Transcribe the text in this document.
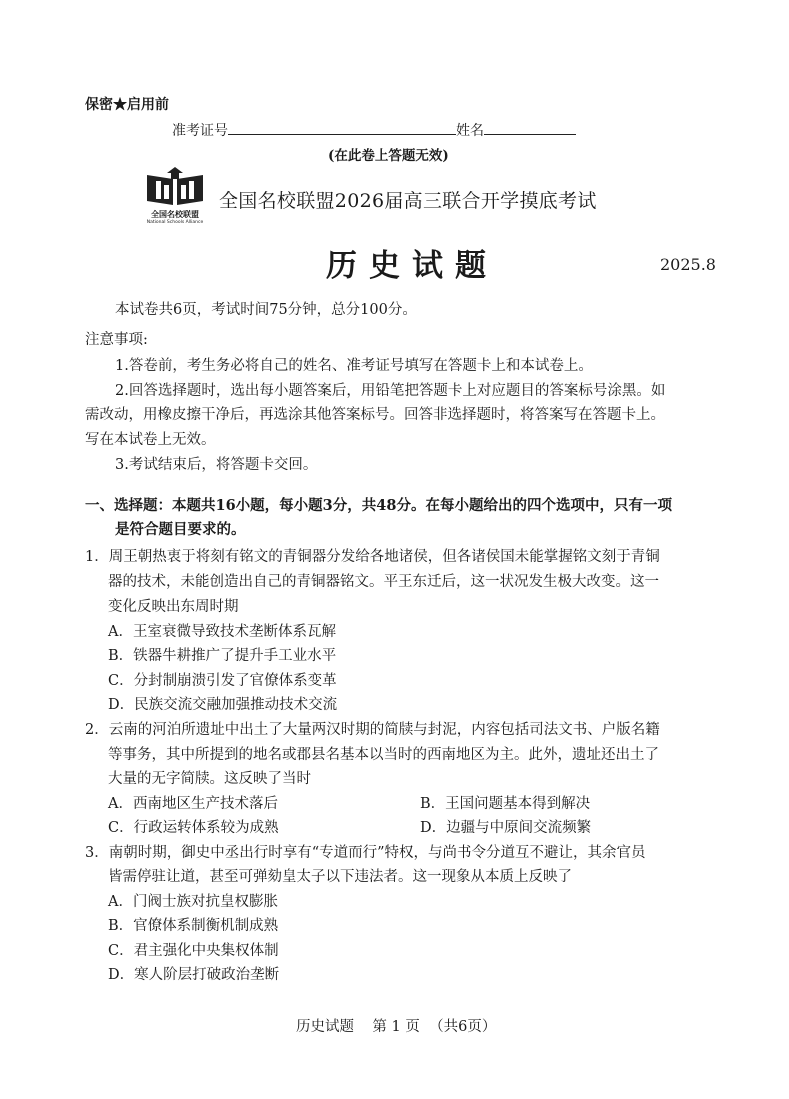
保密★启用前
准考证号	姓名
(在此卷上答题无效)
全国名校联盟
National Schools Alliance
全国名校联盟2026届高三联合开学摸底考试
历史试题	2025.8
本试卷共6页，考试时间75分钟，总分100分。
注意事项:
1.答卷前，考生务必将自己的姓名、准考证号填写在答题卡上和本试卷上。
2.回答选择题时，选出每小题答案后，用铅笔把答题卡上对应题目的答案标号涂黑。如
需改动，用橡皮擦干净后，再选涂其他答案标号。回答非选择题时，将答案写在答题卡上。
写在本试卷上无效。
3.考试结束后，将答题卡交回。
一、选择题：本题共16小题，每小题3分，共48分。在每小题给出的四个选项中，只有一项
是符合题目要求的。
1．周王朝热衷于将刻有铭文的青铜器分发给各地诸侯，但各诸侯国未能掌握铭文刻于青铜
器的技术，未能创造出自己的青铜器铭文。平王东迁后，这一状况发生极大改变。这一
变化反映出东周时期
A．王室衰微导致技术垄断体系瓦解
B．铁器牛耕推广了提升手工业水平
C．分封制崩溃引发了官僚体系变革
D．民族交流交融加强推动技术交流
2．云南的河泊所遗址中出土了大量两汉时期的简牍与封泥，内容包括司法文书、户版名籍
等事务，其中所提到的地名或郡县名基本以当时的西南地区为主。此外，遗址还出土了
大量的无字简牍。这反映了当时
A．西南地区生产技术落后	B．王国问题基本得到解决
C．行政运转体系较为成熟	D．边疆与中原间交流频繁
3．南朝时期，御史中丞出行时享有“专道而行”特权，与尚书令分道互不避让，其余官员
皆需停驻让道，甚至可弹劾皇太子以下违法者。这一现象从本质上反映了
A．门阀士族对抗皇权膨胀
B．官僚体系制衡机制成熟
C．君主强化中央集权体制
D．寒人阶层打破政治垄断
历史试题    第 1 页  （共6页）
